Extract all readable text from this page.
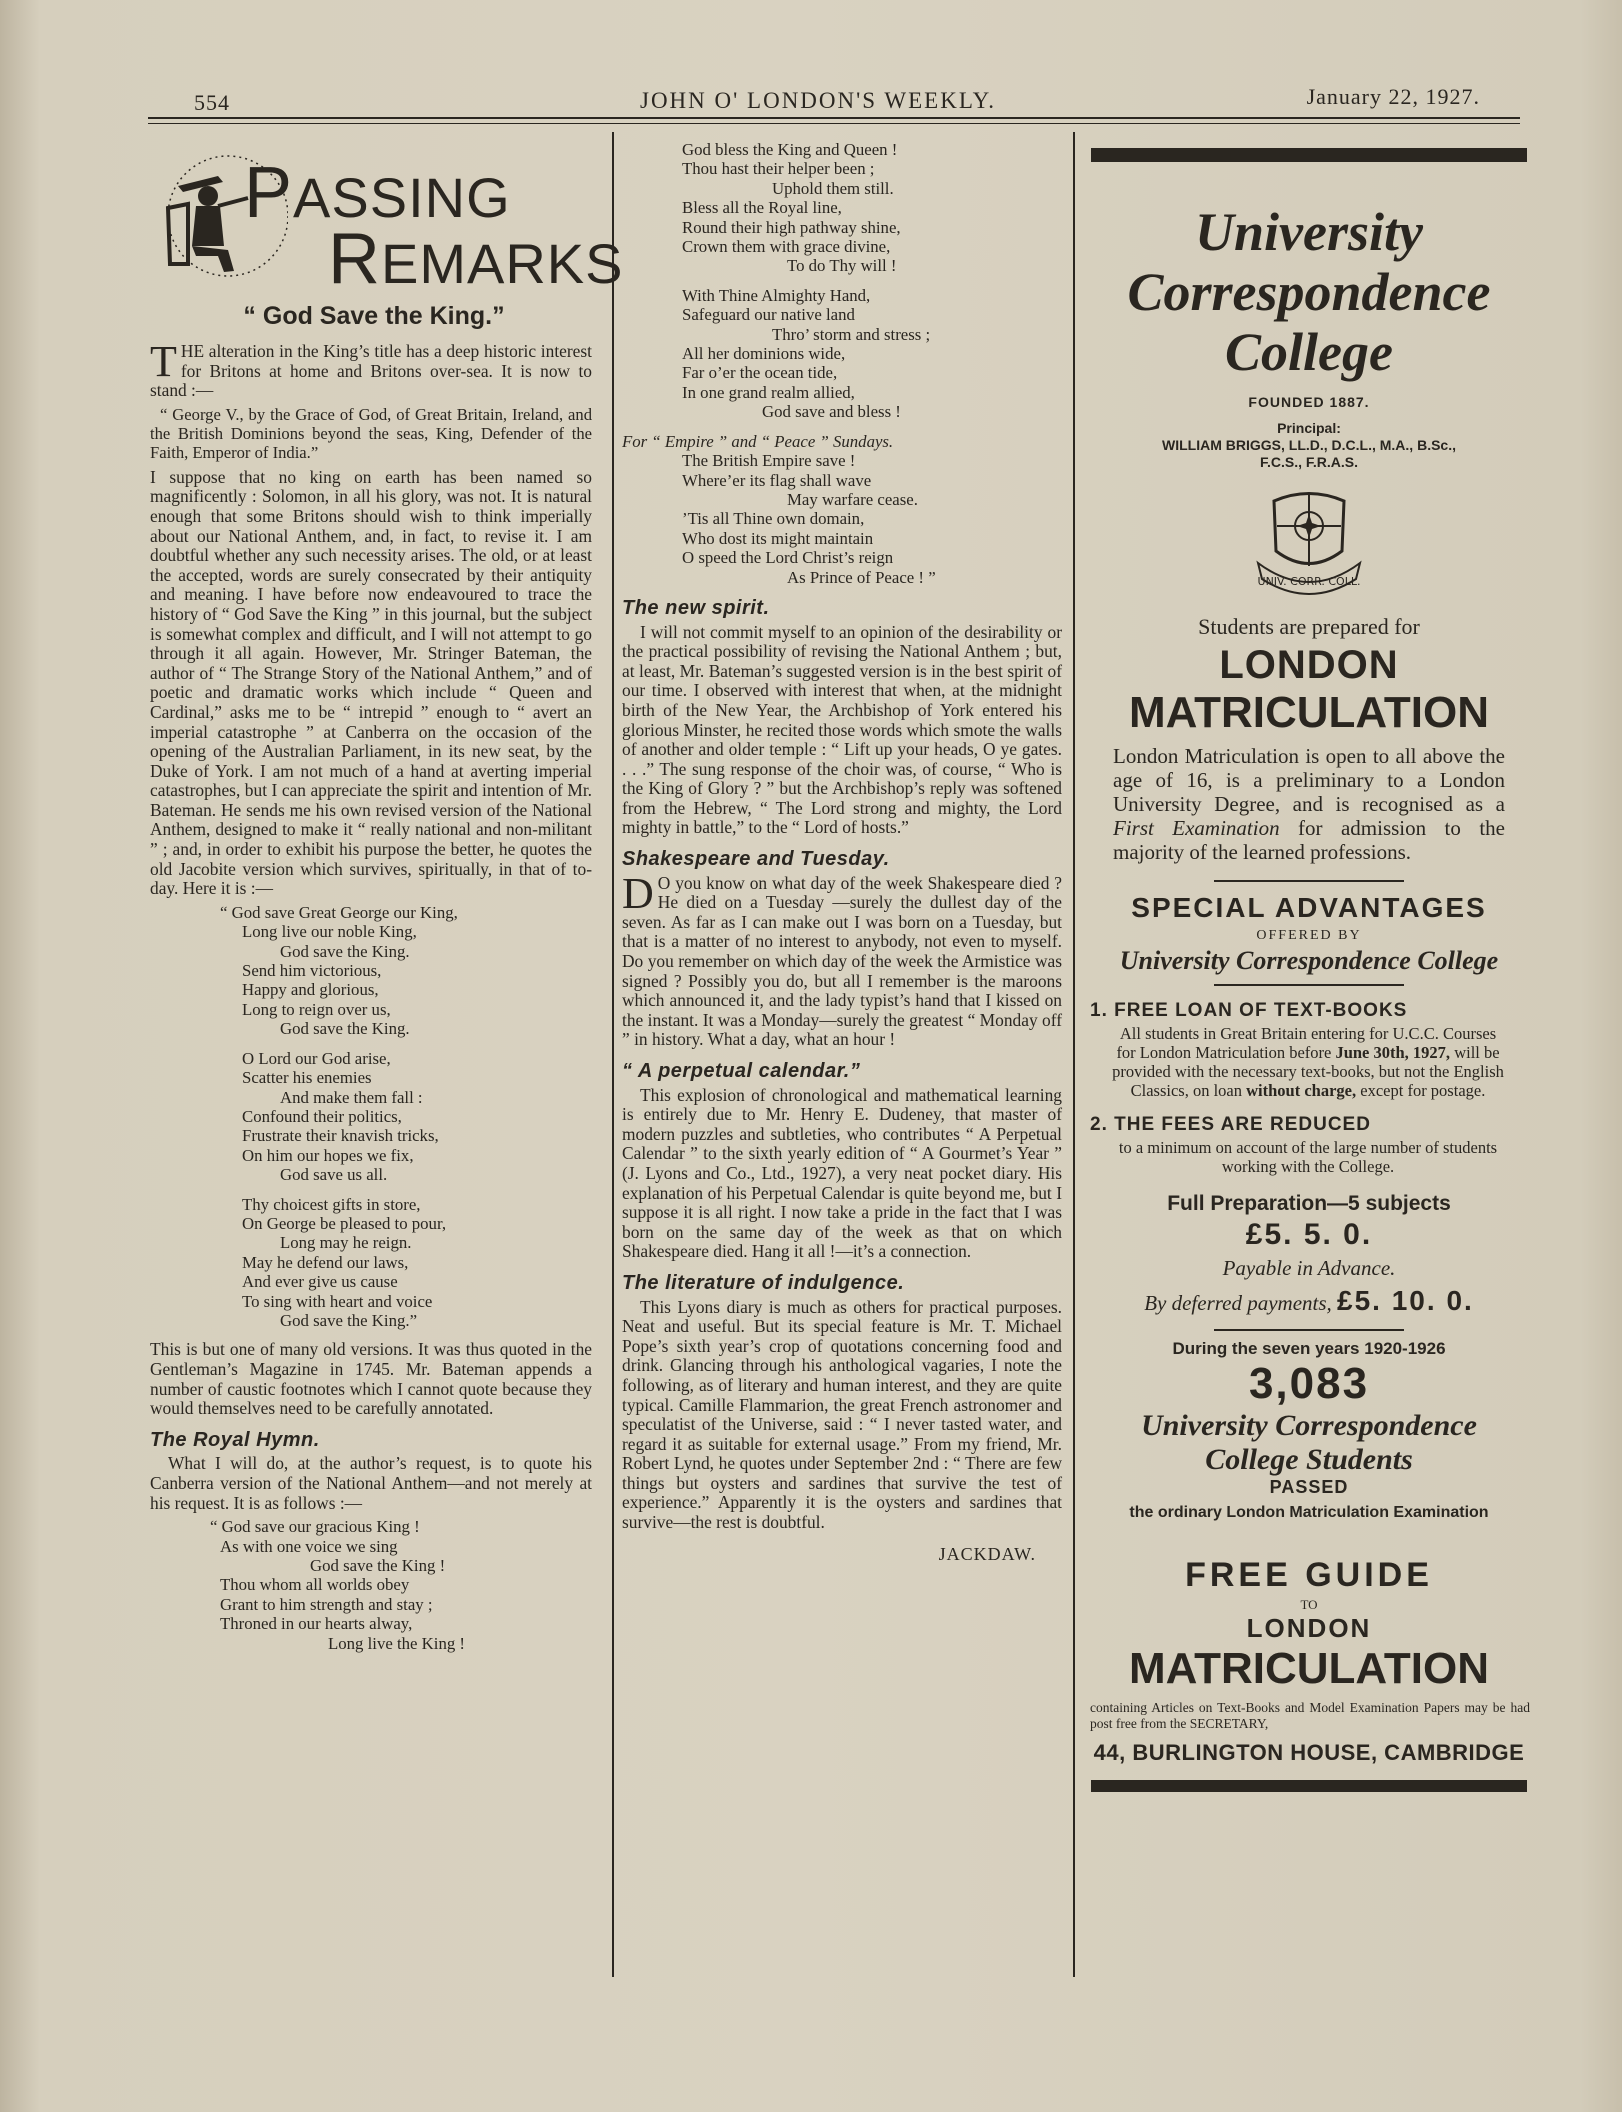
554	JOHN O' LONDON'S WEEKLY.	January 22, 1927.
PASSING
REMARKS
“ God Save the King.”

THE alteration in the King’s title has a deep historic interest for Britons at home and Britons over-sea. It is now to stand :—

“ George V., by the Grace of God, of Great Britain, Ireland, and the British Dominions beyond the seas, King, Defender of the Faith, Emperor of India.”

I suppose that no king on earth has been named so magnificently : Solomon, in all his glory, was not. It is natural enough that some Britons should wish to think imperially about our National Anthem, and, in fact, to revise it. I am doubtful whether any such necessity arises. The old, or at least the accepted, words are surely consecrated by their antiquity and meaning. I have before now endeavoured to trace the history of “ God Save the King ” in this journal, but the subject is somewhat complex and difficult, and I will not attempt to go through it all again. However, Mr. Stringer Bateman, the author of “ The Strange Story of the National Anthem,” and of poetic and dramatic works which include “ Queen and Cardinal,” asks me to be “ intrepid ” enough to “ avert an imperial catastrophe ” at Canberra on the occasion of the opening of the Australian Parliament, in its new seat, by the Duke of York. I am not much of a hand at averting imperial catastrophes, but I can appreciate the spirit and intention of Mr. Bateman. He sends me his own revised version of the National Anthem, designed to make it “ really national and non-militant ” ; and, in order to exhibit his purpose the better, he quotes the old Jacobite version which survives, spiritually, in that of to-day. Here it is :—

“ God save Great George our King,
Long live our noble King,
God save the King.
Send him victorious,
Happy and glorious,
Long to reign over us,
God save the King.
O Lord our God arise,
Scatter his enemies
And make them fall :
Confound their politics,
Frustrate their knavish tricks,
On him our hopes we fix,
God save us all.
Thy choicest gifts in store,
On George be pleased to pour,
Long may he reign.
May he defend our laws,
And ever give us cause
To sing with heart and voice
God save the King.”

This is but one of many old versions. It was thus quoted in the Gentleman’s Magazine in 1745. Mr. Bateman appends a number of caustic footnotes which I cannot quote because they would themselves need to be carefully annotated.

The Royal Hymn.

What I will do, at the author’s request, is to quote his Canberra version of the National Anthem—and not merely at his request. It is as follows :—

“ God save our gracious King !
As with one voice we sing
God save the King !
Thou whom all worlds obey
Grant to him strength and stay ;
Throned in our hearts alway,
Long live the King !
God bless the King and Queen !
Thou hast their helper been ;
Uphold them still.
Bless all the Royal line,
Round their high pathway shine,
Crown them with grace divine,
To do Thy will !
With Thine Almighty Hand,
Safeguard our native land
Thro’ storm and stress ;
All her dominions wide,
Far o’er the ocean tide,
In one grand realm allied,
God save and bless !
For “ Empire ” and “ Peace ” Sundays.
The British Empire save !
Where’er its flag shall wave
May warfare cease.
’Tis all Thine own domain,
Who dost its might maintain
O speed the Lord Christ’s reign
As Prince of Peace ! ”
The new spirit.

I will not commit myself to an opinion of the desirability or the practical possibility of revising the National Anthem ; but, at least, Mr. Bateman’s suggested version is in the best spirit of our time. I observed with interest that when, at the midnight birth of the New Year, the Archbishop of York entered his glorious Minster, he recited those words which smote the walls of another and older temple : “ Lift up your heads, O ye gates. . . .” The sung response of the choir was, of course, “ Who is the King of Glory ? ” but the Archbishop’s reply was softened from the Hebrew, “ The Lord strong and mighty, the Lord mighty in battle,” to the “ Lord of hosts.”

Shakespeare and Tuesday.

D O you know on what day of the week Shakespeare died ? He died on a Tuesday —surely the dullest day of the seven. As far as I can make out I was born on a Tuesday, but that is a matter of no interest to anybody, not even to myself. Do you remember on which day of the week the Armistice was signed ? Possibly you do, but all I remember is the maroons which announced it, and the lady typist’s hand that I kissed on the instant. It was a Monday—surely the greatest “ Monday off ” in history. What a day, what an hour !

“ A perpetual calendar.”

This explosion of chronological and mathematical learning is entirely due to Mr. Henry E. Dudeney, that master of modern puzzles and subtleties, who contributes “ A Perpetual Calendar ” to the sixth yearly edition of “ A Gourmet’s Year ” (J. Lyons and Co., Ltd., 1927), a very neat pocket diary. His explanation of his Perpetual Calendar is quite beyond me, but I suppose it is all right. I now take a pride in the fact that I was born on the same day of the week as that on which Shakespeare died. Hang it all !—it’s a connection.

The literature of indulgence.

This Lyons diary is much as others for practical purposes. Neat and useful. But its special feature is Mr. T. Michael Pope’s sixth year’s crop of quotations concerning food and drink. Glancing through his anthological vagaries, I note the following, as of literary and human interest, and they are quite typical. Camille Flammarion, the great French astronomer and speculatist of the Universe, said : “ I never tasted water, and regard it as suitable for external usage.” From my friend, Mr. Robert Lynd, he quotes under September 2nd : “ There are few things but oysters and sardines that survive the test of experience.” Apparently it is the oysters and sardines that survive—the rest is doubtful.

JACKDAW.
University
Correspondence
College
FOUNDED 1887.
Principal:
WILLIAM BRIGGS, LL.D., D.C.L., M.A., B.Sc.,
F.C.S., F.R.A.S.
UNIV. CORR. COLL.
Students are prepared for
LONDON
MATRICULATION
London Matriculation is open to all above the age of 16, is a preliminary to a London University Degree, and is recognised as a First Examination for admission to the majority of the learned professions.
SPECIAL ADVANTAGES
OFFERED BY
University Correspondence College
1. FREE LOAN OF TEXT-BOOKS
All students in Great Britain entering for U.C.C. Courses for London Matriculation before June 30th, 1927, will be provided with the necessary text-books, but not the English Classics, on loan without charge, except for postage.
2. THE FEES ARE REDUCED
to a minimum on account of the large number of students working with the College.
Full Preparation—5 subjects
£5. 5. 0.
Payable in Advance.
By deferred payments, £5. 10. 0.
During the seven years 1920-1926
3,083
University Correspondence
College Students
PASSED
the ordinary London Matriculation Examination
FREE GUIDE
TO
LONDON
MATRICULATION
containing Articles on Text-Books and Model Examination Papers may be had post free from the SECRETARY,
44, BURLINGTON HOUSE, CAMBRIDGE
